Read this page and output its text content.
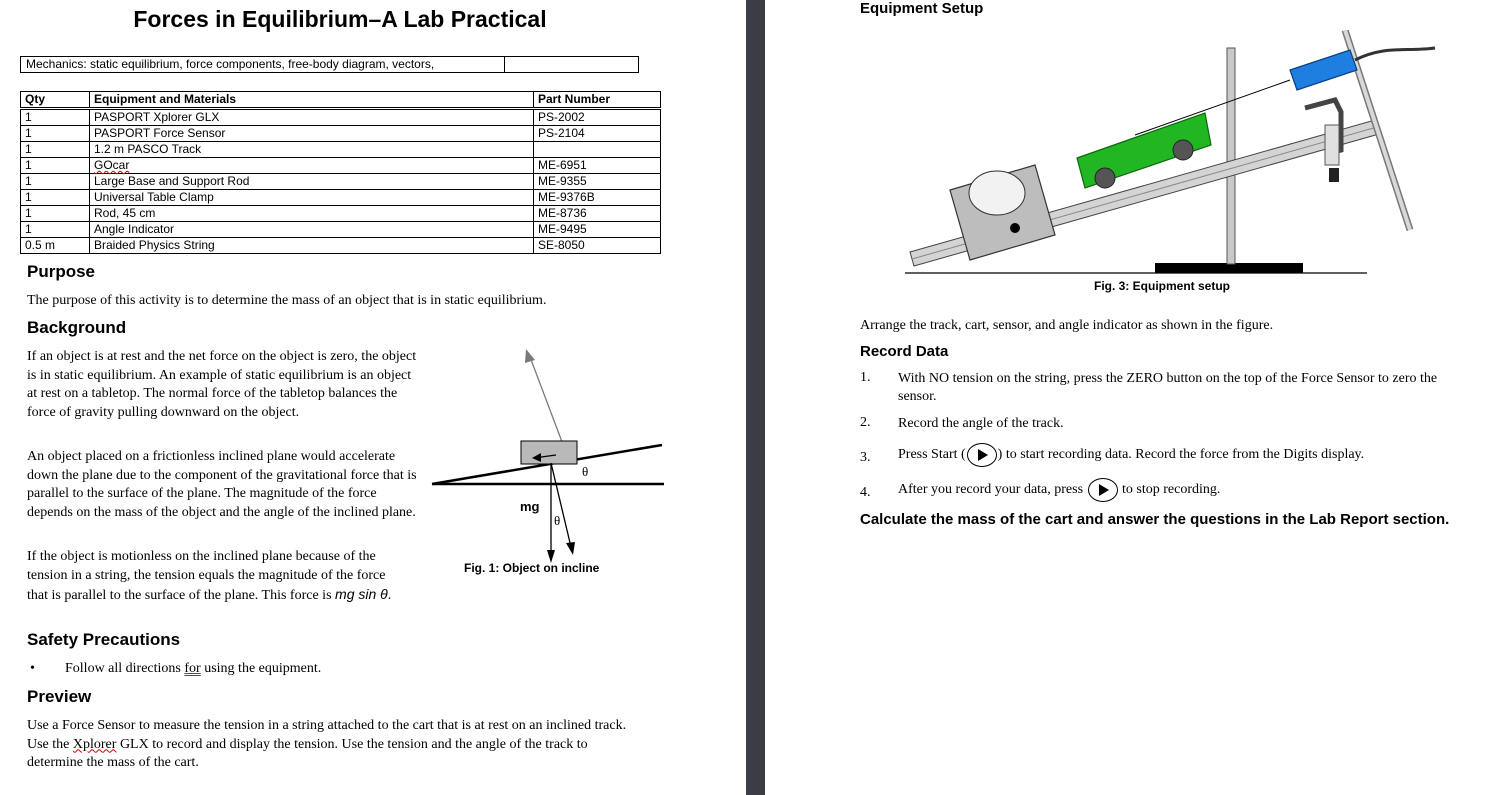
Forces in Equilibrium–A Lab Practical
Mechanics: static equilibrium, force components, free-body diagram, vectors,
Qty	Equipment and Materials	Part Number
1	PASPORT Xplorer GLX	PS-2002
1	PASPORT Force Sensor	PS-2104
1	1.2 m PASCO Track	
1	GOcar	ME-6951
1	Large Base and Support Rod	ME-9355
1	Universal Table Clamp	ME-9376B
1	Rod, 45 cm	ME-8736
1	Angle Indicator	ME-9495
0.5 m	Braided Physics String	SE-8050
Purpose

The purpose of this activity is to determine the mass of an object that is in static equilibrium.

Background

If an object is at rest and the net force on the object is zero, the object is in static equilibrium. An example of static equilibrium is an object at rest on a tabletop. The normal force of the tabletop balances the force of gravity pulling downward on the object.

An object placed on a frictionless inclined plane would accelerate down the plane due to the component of the gravitational force that is parallel to the surface of the plane. The magnitude of the force depends on the mass of the object and the angle of the inclined plane.

If the object is motionless on the inclined plane because of the tension in a string, the tension equals the magnitude of the force that is parallel to the surface of the plane. This force is mg sin θ.

mg
θ
θ
Fig. 1: Object on incline
Safety Precautions
• Follow all directions for using the equipment.
Preview

Use a Force Sensor to measure the tension in a string attached to the cart that is at rest on an inclined track. Use the Xplorer GLX to record and display the tension. Use the tension and the angle of the track to determine the mass of the cart.

Equipment Setup
Fig. 3: Equipment setup

Arrange the track, cart, sensor, and angle indicator as shown in the figure.

Record Data
1. With NO tension on the string, press the ZERO button on the top of the Force Sensor to zero the sensor.
2. Record the angle of the track.
3. Press Start ( ) to start recording data. Record the force from the Digits display.
4. After you record your data, press  to stop recording.
Calculate the mass of the cart and answer the questions in the Lab Report section.
